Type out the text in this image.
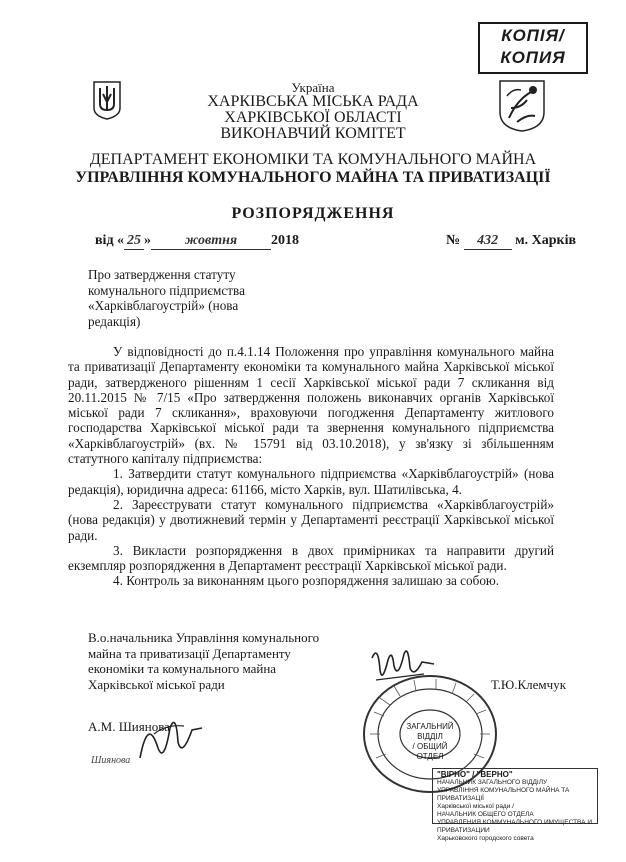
КОПІЯ/
КОПИЯ
Україна
ХАРКІВСЬКА МІСЬКА РАДА
ХАРКІВСЬКОЇ ОБЛАСТІ
ВИКОНАВЧИЙ КОМІТЕТ
ДЕПАРТАМЕНТ ЕКОНОМІКИ ТА КОМУНАЛЬНОГО МАЙНА
УПРАВЛІННЯ КОМУНАЛЬНОГО МАЙНА ТА ПРИВАТИЗАЦІЇ
РОЗПОРЯДЖЕННЯ
від « 25 » жовтня 2018	№ 432 м. Харків
Про затвердження статуту
комунального підприємства
«Харківблагоустрій» (нова
редакція)

У відповідності до п.4.1.14 Положення про управління комунального майна та приватизації Департаменту економіки та комунального майна Харківської міської ради, затвердженого рішенням 1 сесії Харківської міської ради 7 скликання від 20.11.2015 № 7/15 «Про затвердження положень виконавчих органів Харківської міської ради 7 скликання», враховуючи погодження Департаменту житлового господарства Харківської міської ради та звернення комунального підприємства «Харківблагоустрій» (вх. № 15791 від 03.10.2018), у зв'язку зі збільшенням статутного капіталу підприємства:

1. Затвердити статут комунального підприємства «Харківблагоустрій» (нова редакція), юридична адреса: 61166, місто Харків, вул. Шатилівська, 4.

2. Зареєструвати статут комунального підприємства «Харківблагоустрій» (нова редакція) у двотижневий термін у Департаменті реєстрації Харківської міської ради.

3. Викласти розпорядження в двох примірниках та направити другий екземпляр розпорядження в Департамент реєстрації Харківської міської ради.

4. Контроль за виконанням цього розпорядження залишаю за собою.

В.о.начальника Управління комунального
майна та приватизації Департаменту
економіки та комунального майна
Харківської міської ради	Т.Ю.Клемчук
ЗАГАЛЬНИЙ
ВІДДІЛ
/ ОБЩИЙ ОТДЕЛ
А.М. Шиянова
Шиянова
"ВІРНО" / "ВЕРНО"
НАЧАЛЬНИК ЗАГАЛЬНОГО ВІДДІЛУ
УПРАВЛІННЯ КОМУНАЛЬНОГО МАЙНА ТА ПРИВАТИЗАЦІЇ
Харківської міської ради /
НАЧАЛЬНИК ОБЩЕГО ОТДЕЛА
УПРАВЛЕНИЯ КОММУНАЛЬНОГО ИМУЩЕСТВА И ПРИВАТИЗАЦИИ
Харьковского городского совета
